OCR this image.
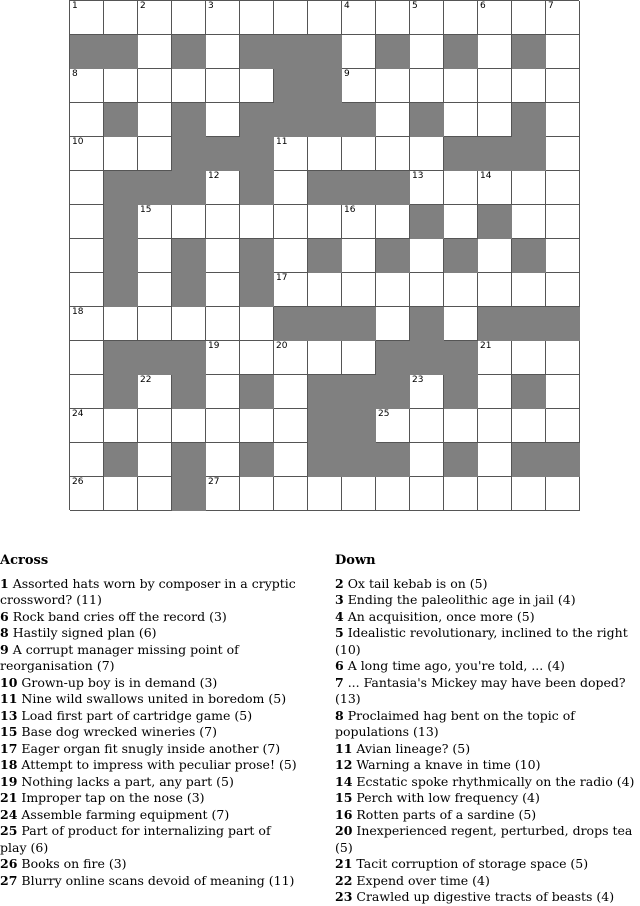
1	2	3	4	5	6	7
8	9
10	11
12	13	14
15	16
17
18
19	20	21
22	23
24	25
26	27
Across

1 Assorted hats worn by composer in a cryptic crossword? (11)

6 Rock band cries off the record (3)

8 Hastily signed plan (6)

9 A corrupt manager missing point of reorganisation (7)

10 Grown-up boy is in demand (3)

11 Nine wild swallows united in boredom (5)

13 Load first part of cartridge game (5)

15 Base dog wrecked wineries (7)

17 Eager organ fit snugly inside another (7)

18 Attempt to impress with peculiar prose! (5)

19 Nothing lacks a part, any part (5)

21 Improper tap on the nose (3)

24 Assemble farming equipment (7)

25 Part of product for internalizing part of play (6)

26 Books on fire (3)

27 Blurry online scans devoid of meaning (11)

Down

2 Ox tail kebab is on (5)

3 Ending the paleolithic age in jail (4)

4 An acquisition, once more (5)

5 Idealistic revolutionary, inclined to the right (10)

6 A long time ago, you're told, ... (4)

7 ... Fantasia's Mickey may have been doped? (13)

8 Proclaimed hag bent on the topic of populations (13)

11 Avian lineage? (5)

12 Warning a knave in time (10)

14 Ecstatic spoke rhythmically on the radio (4)

15 Perch with low frequency (4)

16 Rotten parts of a sardine (5)

20 Inexperienced regent, perturbed, drops tea (5)

21 Tacit corruption of storage space (5)

22 Expend over time (4)

23 Crawled up digestive tracts of beasts (4)
